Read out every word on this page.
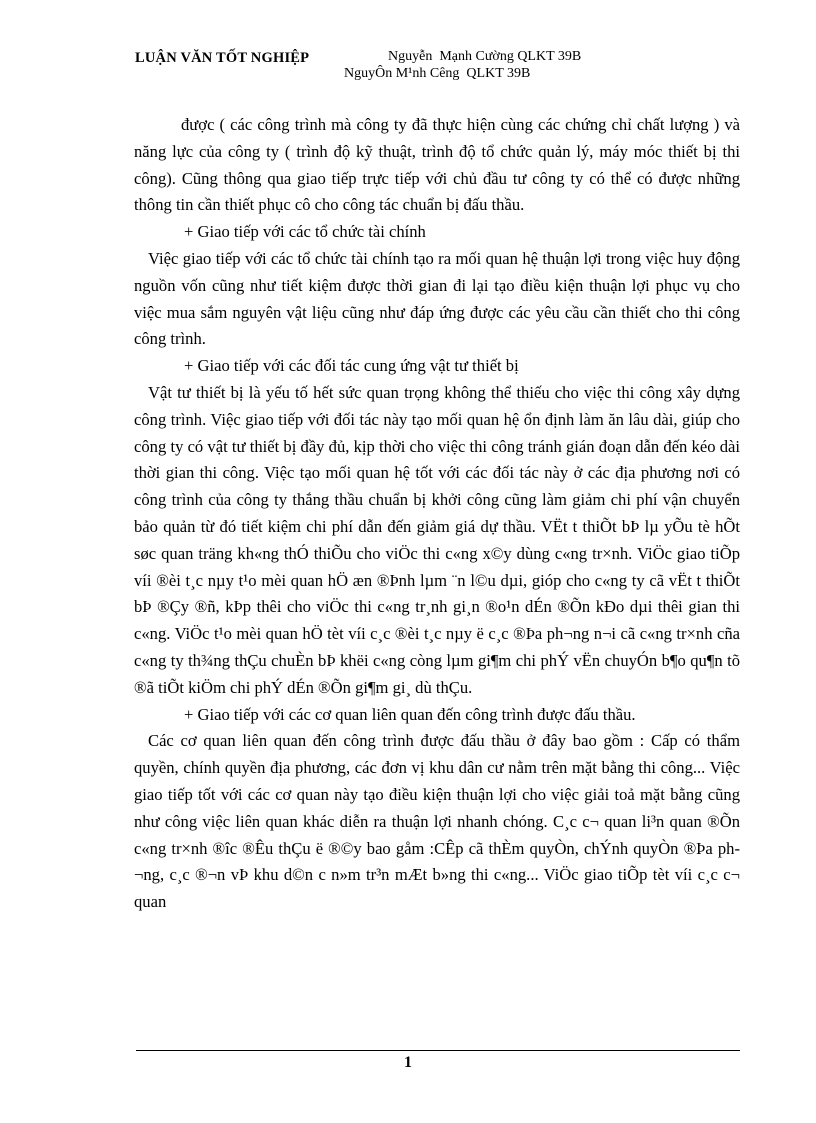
LUẬN VĂN TỐT NGHIỆP	Nguyễn  Mạnh Cường QLKT 39B
NguyÔn M¹nh Cêng  QLKT 39B

được ( các công trình mà công ty đã thực hiện cùng các chứng chỉ chất lượng ) và năng lực của công ty ( trình độ kỹ thuật, trình độ tổ chức quản lý, máy móc thiết bị thi công). Cũng thông qua giao tiếp trực tiếp với chủ đầu tư công ty có thể có được những thông tin cần thiết phục cô cho công tác chuẩn bị đấu thầu.

+ Giao tiếp với các tổ chức tài chính

Việc giao tiếp với các tổ chức tài chính tạo ra mối quan hệ thuận lợi trong việc huy động nguồn vốn cũng như tiết kiệm được thời gian đi lại tạo điều kiện thuận lợi phục vụ cho việc mua sắm nguyên vật liệu cũng như đáp ứng được các yêu cầu cần thiết cho thi công công trình.

+ Giao tiếp với các đối tác cung ứng vật tư thiết bị

Vật tư thiết bị là yếu tố hết sức quan trọng không thể thiếu cho việc thi công xây dựng công trình. Việc giao tiếp với đối tác này tạo mối quan hệ ổn định làm ăn lâu dài, giúp cho công ty có vật tư thiết bị đầy đủ, kịp thời cho việc thi công tránh gián đoạn dẫn đến kéo dài thời gian thi công. Việc tạo mối quan hệ tốt với các đối tác này ở các địa phương nơi có công trình của công ty thắng thầu chuẩn bị khởi công cũng làm giảm chi phí vận chuyển bảo quản từ đó tiết kiệm chi phí dẫn đến giảm giá dự thầu. VËt t thiÕt bÞ lµ yÕu tè hÕt søc quan träng kh«ng thÓ thiÕu cho viÖc thi c«ng x©y dùng c«ng tr×nh. ViÖc giao tiÕp víi ®èi t¸c nµy t¹o mèi quan hÖ æn ®Þnh lµm ¨n l©u dµi, gióp cho c«ng ty cã vËt t thiÕt bÞ ®Çy ®ñ, kÞp thêi cho viÖc thi c«ng tr¸nh gi¸n ®o¹n dÉn ®Õn kÐo dµi thêi gian thi c«ng. ViÖc t¹o mèi quan hÖ tèt víi c¸c ®èi t¸c nµy ë c¸c ®Þa ph¬ng n¬i cã c«ng tr×nh cña c«ng ty th¾ng thÇu chuÈn bÞ khëi c«ng còng lµm gi¶m chi phÝ vËn chuyÓn b¶o qu¶n tõ ®ã tiÕt kiÖm chi phÝ dÉn ®Õn gi¶m gi¸ dù thÇu.

+ Giao tiếp với các cơ quan liên quan đến công trình được đấu thầu.

Các cơ quan liên quan đến công trình được đấu thầu ở đây bao gồm : Cấp có thẩm quyền, chính quyền địa phương, các đơn vị khu dân cư nằm trên mặt bằng thi công... Việc giao tiếp tốt với các cơ quan này tạo điều kiện thuận lợi cho việc giải toả mặt bằng cũng như công việc liên quan khác diễn ra thuận lợi nhanh chóng. C¸c c¬ quan li³n quan ®Õn c«ng tr×nh ®îc ®Êu thÇu ë ®©y bao gåm :CÊp cã thÈm quyÒn, chÝnh quyÒn ®Þa ph¬ng, c¸c ®¬n vÞ khu d©n c n»m tr³n mÆt b»ng thi c«ng... ViÖc giao tiÕp tèt víi c¸c c¬ quan

1
